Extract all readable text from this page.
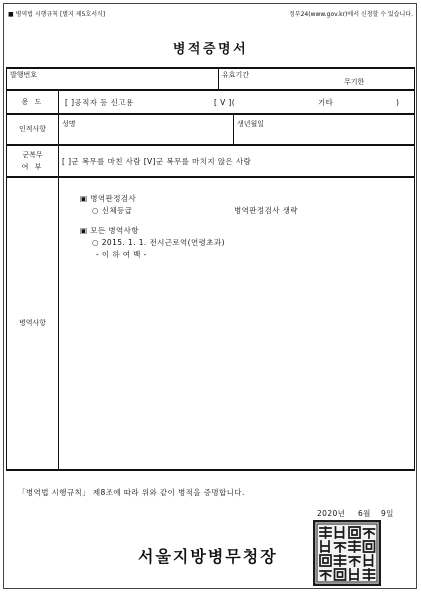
■ 병역법 시행규칙 [별지 제5호서식]	정부24(www.gov.kr)에서 신청할 수 있습니다.
병적증명서
발행번호	유효기간
무기한
용 도	[ ]공직자 등 신고용	[ V ](	기타	)
인적사항
성명	생년월일
군복무
여 부
[ ]군 복무를 마친 사람 [V]군 복무를 마치지 않은 사람
병역사항
▣ 병역판정검사
○ 신체등급	병역판정검사 생략
▣ 모든 병역사항
○ 2015. 1. 1. 전시근로역(연령초과)
- 이 하 여 백 -
「병역법 시행규칙」 제8조에 따라 위와 같이 병적을 증명합니다.
2020년 6월 9일
서울지방병무청장
